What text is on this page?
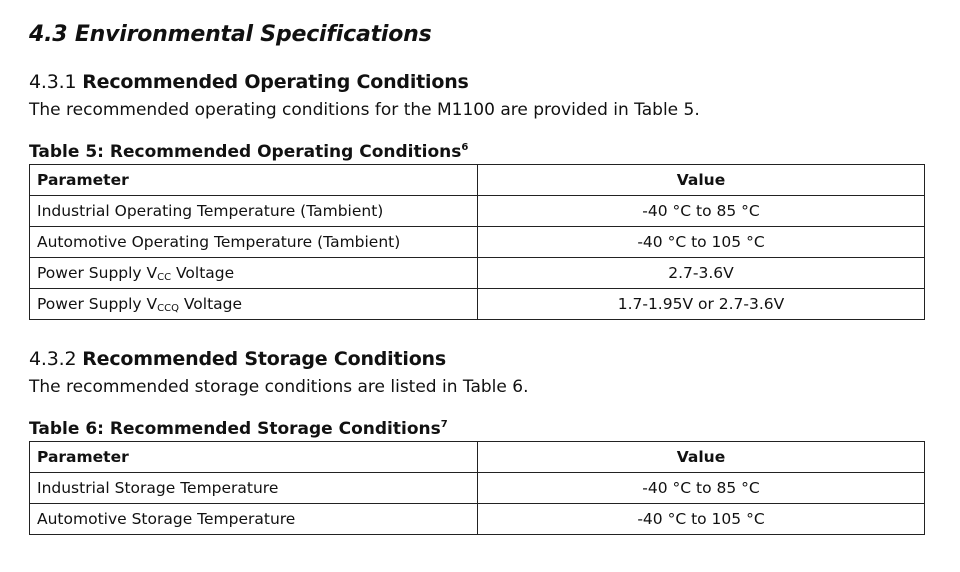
4.3 Environmental Specifications
4.3.1 Recommended Operating Conditions

The recommended operating conditions for the M1100 are provided in Table 5.

Table 5: Recommended Operating Conditions$^6$

Parameter	Value
Industrial Operating Temperature (Tambient)	-40 °C to 85 °C
Automotive Operating Temperature (Tambient)	-40 °C to 105 °C
Power Supply VCC Voltage	2.7-3.6V
Power Supply VCCQ Voltage	1.7-1.95V or 2.7-3.6V
4.3.2 Recommended Storage Conditions

The recommended storage conditions are listed in Table 6.

Table 6: Recommended Storage Conditions$^7$

Parameter	Value
Industrial Storage Temperature	-40 °C to 85 °C
Automotive Storage Temperature	-40 °C to 105 °C
